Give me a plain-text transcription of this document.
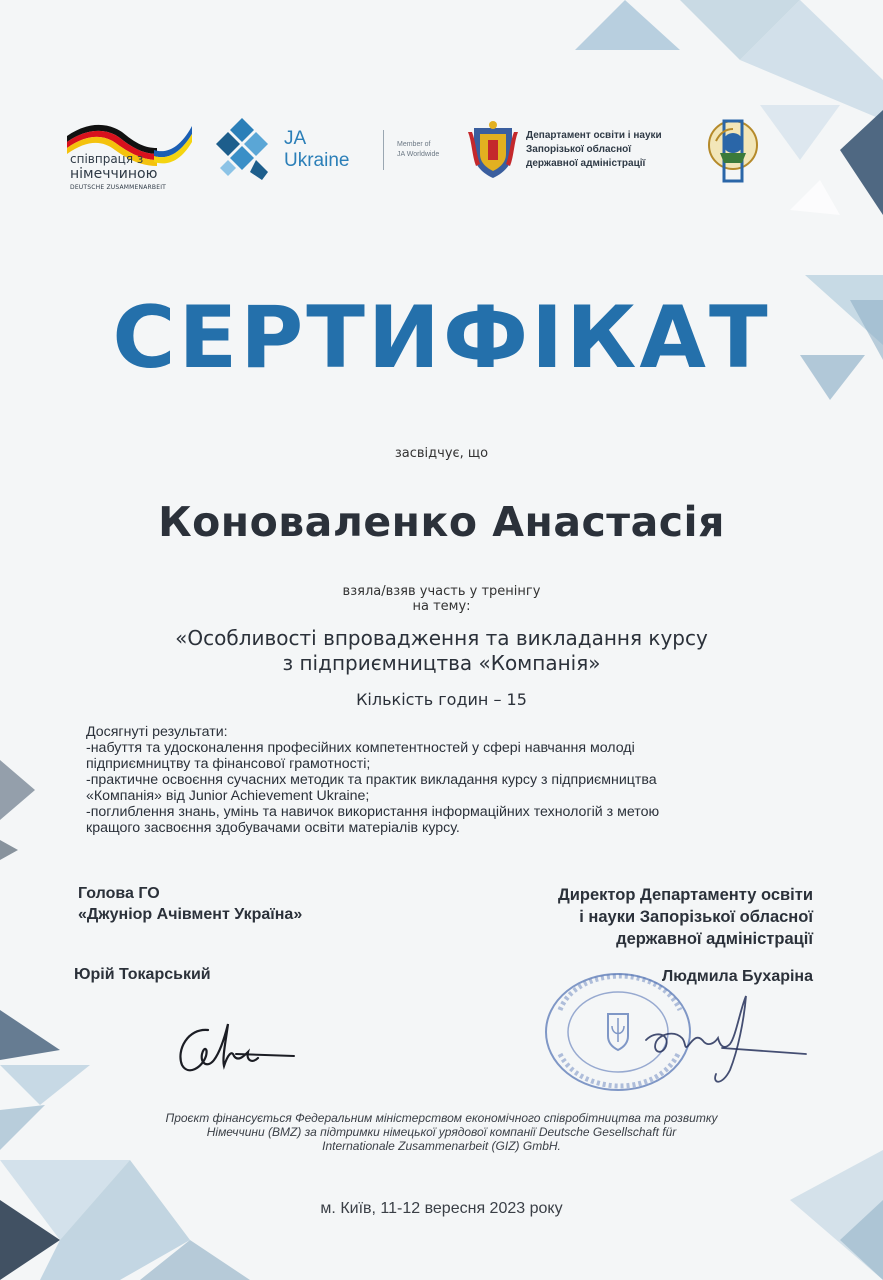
співпраця з
німеччиною
DEUTSCHE ZUSAMMENARBEIT
JA
Ukraine
Member of
JA Worldwide
Департамент освіти і науки
Запорізької обласної
державної адміністрації
СЕРТИФІКАТ
засвідчує, що
Коноваленко Анастасія
взяла/взяв участь у тренінгу
на тему:
«Особливості впровадження та викладання курсу
з підприємництва «Компанія»
Кількість годин – 15
Досягнуті результати:
-набуття та удосконалення професійних компетентностей у сфері навчання молоді
підприємництву та фінансової грамотності;
-практичне освоєння сучасних методик та практик викладання курсу з підприємництва
«Компанія» від Junior Achievement Ukraine;
-поглиблення знань, умінь та навичок використання інформаційних технологій з метою
кращого засвоєння здобувачами освіти матеріалів курсу.
Голова ГО
«Джуніор Ачівмент Україна»
Директор Департаменту освіти
і науки Запорізької обласної
державної адміністрації
Юрій Токарський	Людмила Бухаріна
Проєкт фінансується Федеральним міністерством економічного співробітництва та розвитку
Німеччини (BMZ) за підтримки німецької урядової компанії Deutsche Gesellschaft für
Internationale Zusammenarbeit (GIZ) GmbH.
м. Київ, 11-12 вересня 2023 року
